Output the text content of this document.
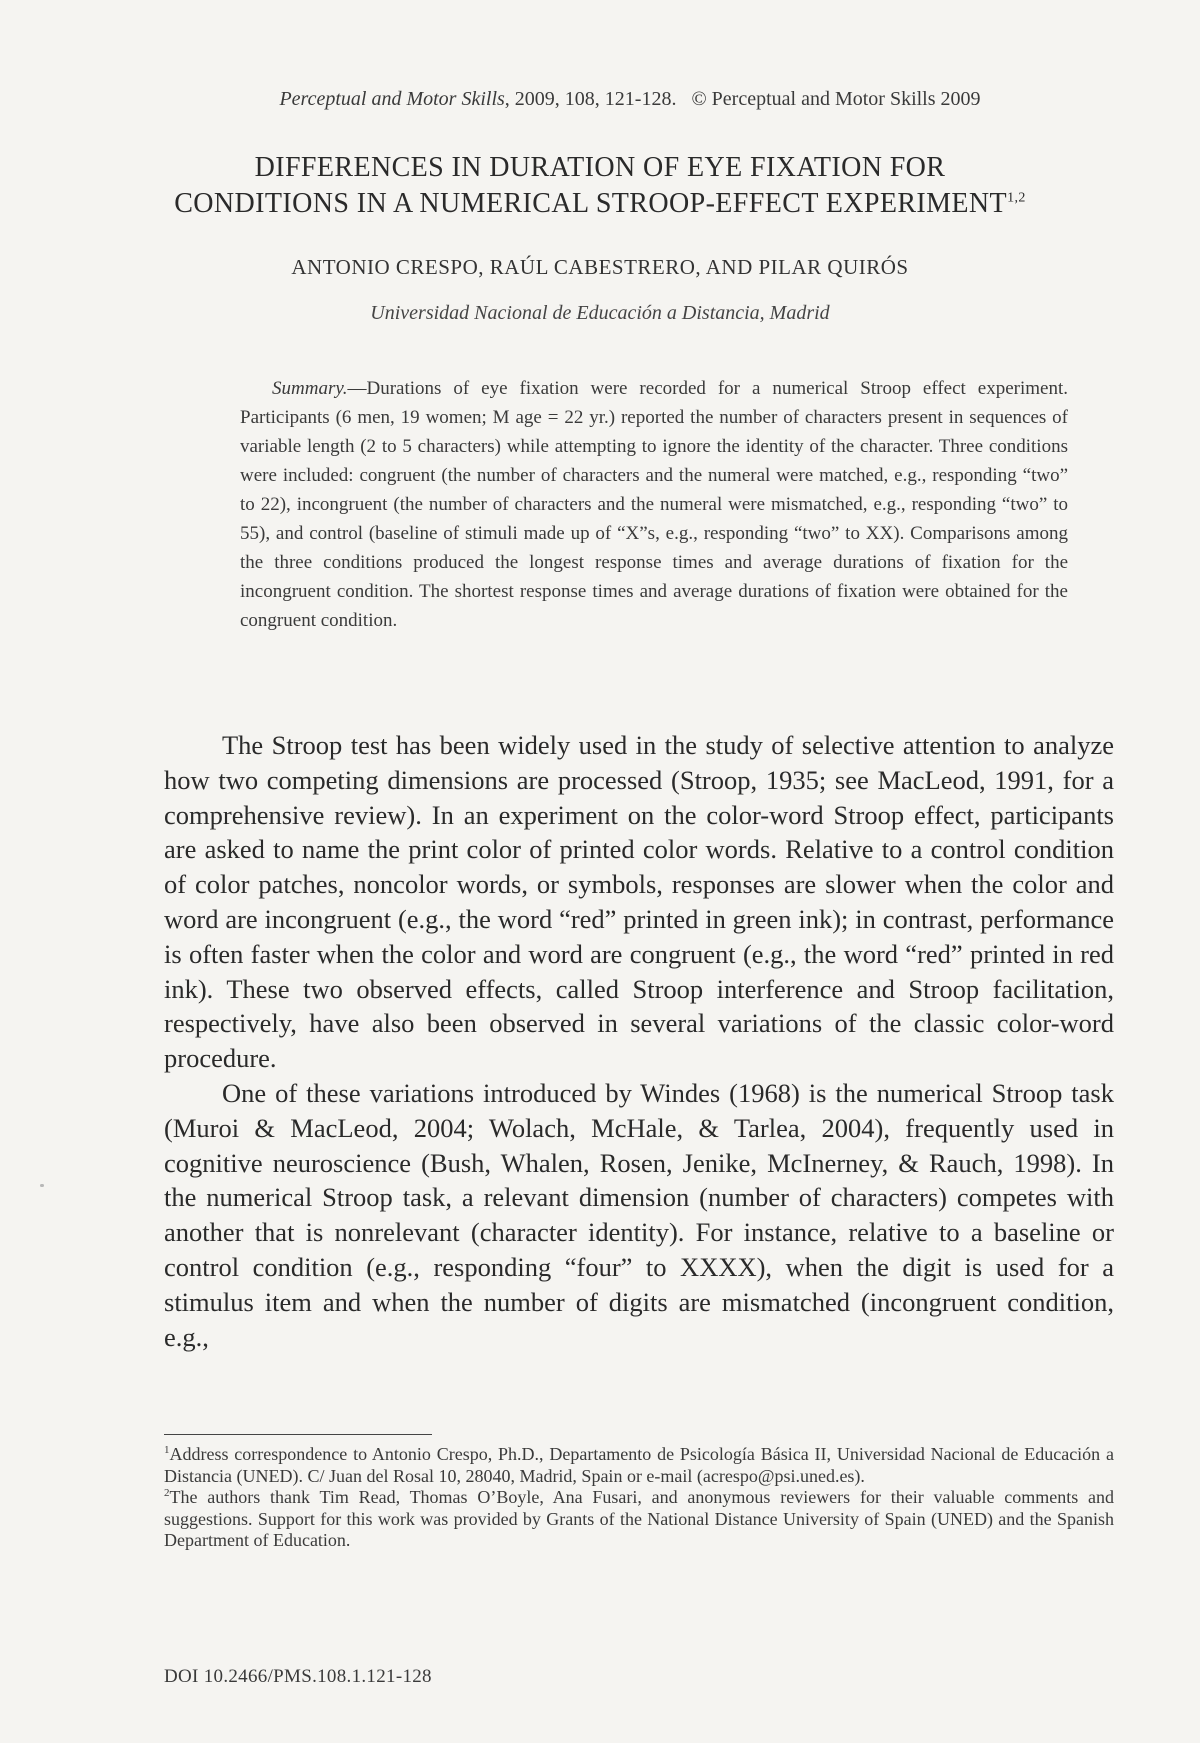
Perceptual and Motor Skills, 2009, 108, 121-128. © Perceptual and Motor Skills 2009
DIFFERENCES IN DURATION OF EYE FIXATION FOR
CONDITIONS IN A NUMERICAL STROOP-EFFECT EXPERIMENT$^{1,2}$
ANTONIO CRESPO, RAÚL CABESTRERO, AND PILAR QUIRÓS
Universidad Nacional de Educación a Distancia, Madrid

Summary.—Durations of eye fixation were recorded for a numerical Stroop effect experiment. Participants (6 men, 19 women; M age = 22 yr.) reported the number of characters present in sequences of variable length (2 to 5 characters) while attempting to ignore the identity of the character. Three conditions were included: congruent (the number of characters and the numeral were matched, e.g., responding “two” to 22), incongruent (the number of characters and the numeral were mismatched, e.g., responding “two” to 55), and control (baseline of stimuli made up of “X”s, e.g., responding “two” to XX). Comparisons among the three conditions produced the longest response times and average durations of fixation for the incongruent condition. The shortest response times and average durations of fixation were obtained for the congruent condition.

The Stroop test has been widely used in the study of selective attention to analyze how two competing dimensions are processed (Stroop, 1935; see MacLeod, 1991, for a comprehensive review). In an experiment on the color-word Stroop effect, participants are asked to name the print color of printed color words. Relative to a control condition of color patches, noncolor words, or symbols, responses are slower when the color and word are incongruent (e.g., the word “red” printed in green ink); in contrast, performance is often faster when the color and word are congruent (e.g., the word “red” printed in red ink). These two observed effects, called Stroop interference and Stroop facilitation, respectively, have also been observed in several variations of the classic color-word procedure.

One of these variations introduced by Windes (1968) is the numerical Stroop task (Muroi & MacLeod, 2004; Wolach, McHale, & Tarlea, 2004), frequently used in cognitive neuroscience (Bush, Whalen, Rosen, Jenike, McInerney, & Rauch, 1998). In the numerical Stroop task, a relevant dimension (number of characters) competes with another that is nonrelevant (character identity). For instance, relative to a baseline or control condition (e.g., responding “four” to XXXX), when the digit is used for a stimulus item and when the number of digits are mismatched (incongruent condition, e.g.,

$^1$Address correspondence to Antonio Crespo, Ph.D., Departamento de Psicología Básica II, Universidad Nacional de Educación a Distancia (UNED). C/ Juan del Rosal 10, 28040, Madrid, Spain or e-mail (acrespo@psi.uned.es).

$^2$The authors thank Tim Read, Thomas O’Boyle, Ana Fusari, and anonymous reviewers for their valuable comments and suggestions. Support for this work was provided by Grants of the National Distance University of Spain (UNED) and the Spanish Department of Education.

DOI 10.2466/PMS.108.1.121-128
